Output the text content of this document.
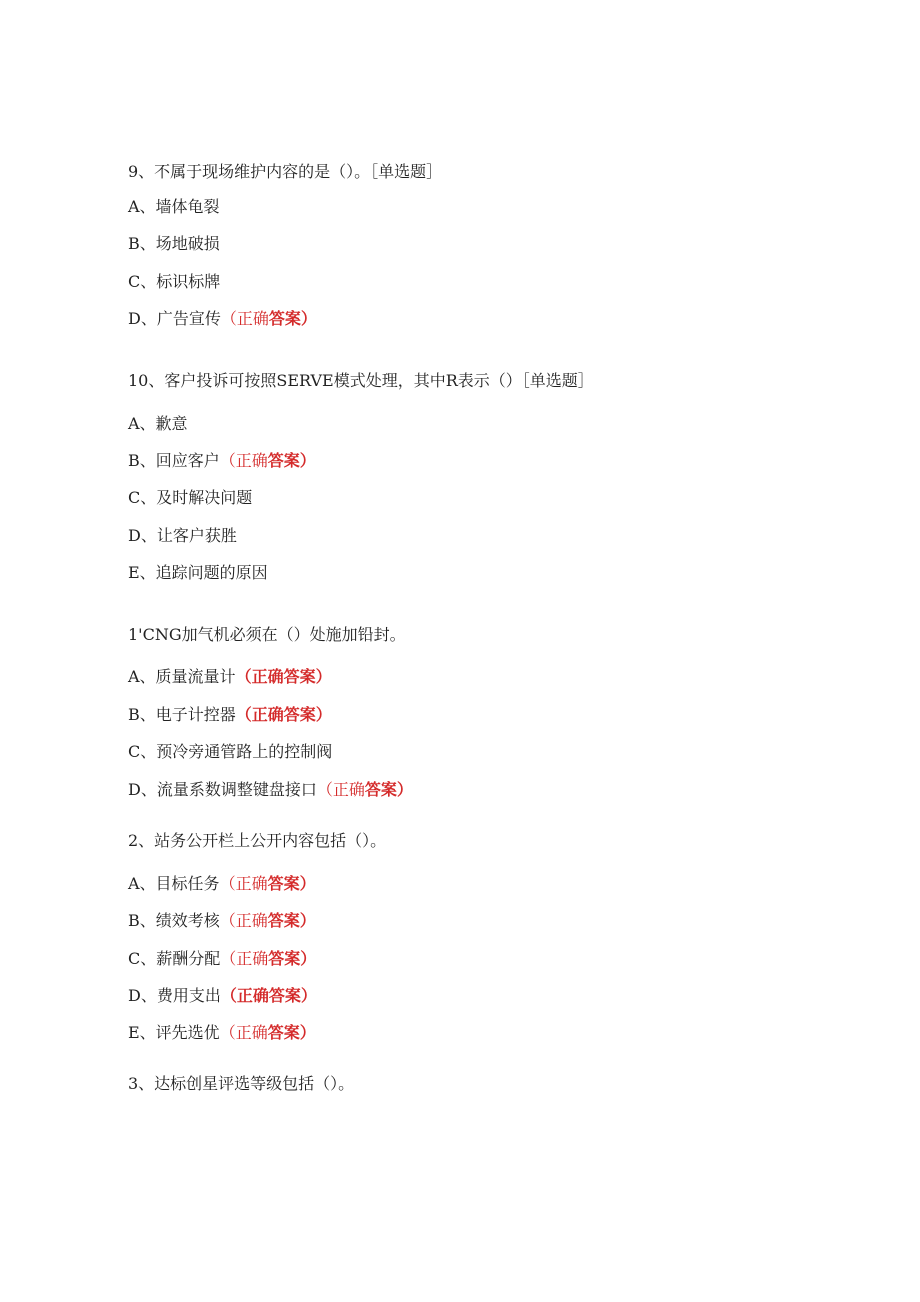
9、不属于现场维护内容的是（）。［单选题］
A、墙体龟裂
B、场地破损
C、标识标牌
D、广告宣传（正确答案）
10、客户投诉可按照SERVE模式处理，其中R表示（）［单选题］
A、歉意
B、回应客户（正确答案）
C、及时解决问题
D、让客户获胜
E、追踪问题的原因
1'CNG加气机必须在（）处施加铅封。
A、质量流量计（正确答案）
B、电子计控器（正确答案）
C、预冷旁通管路上的控制阀
D、流量系数调整键盘接口（正确答案）
2、站务公开栏上公开内容包括（）。
A、目标任务（正确答案）
B、绩效考核（正确答案）
C、薪酬分配（正确答案）
D、费用支出（正确答案）
E、评先选优（正确答案）
3、达标创星评选等级包括（）。
